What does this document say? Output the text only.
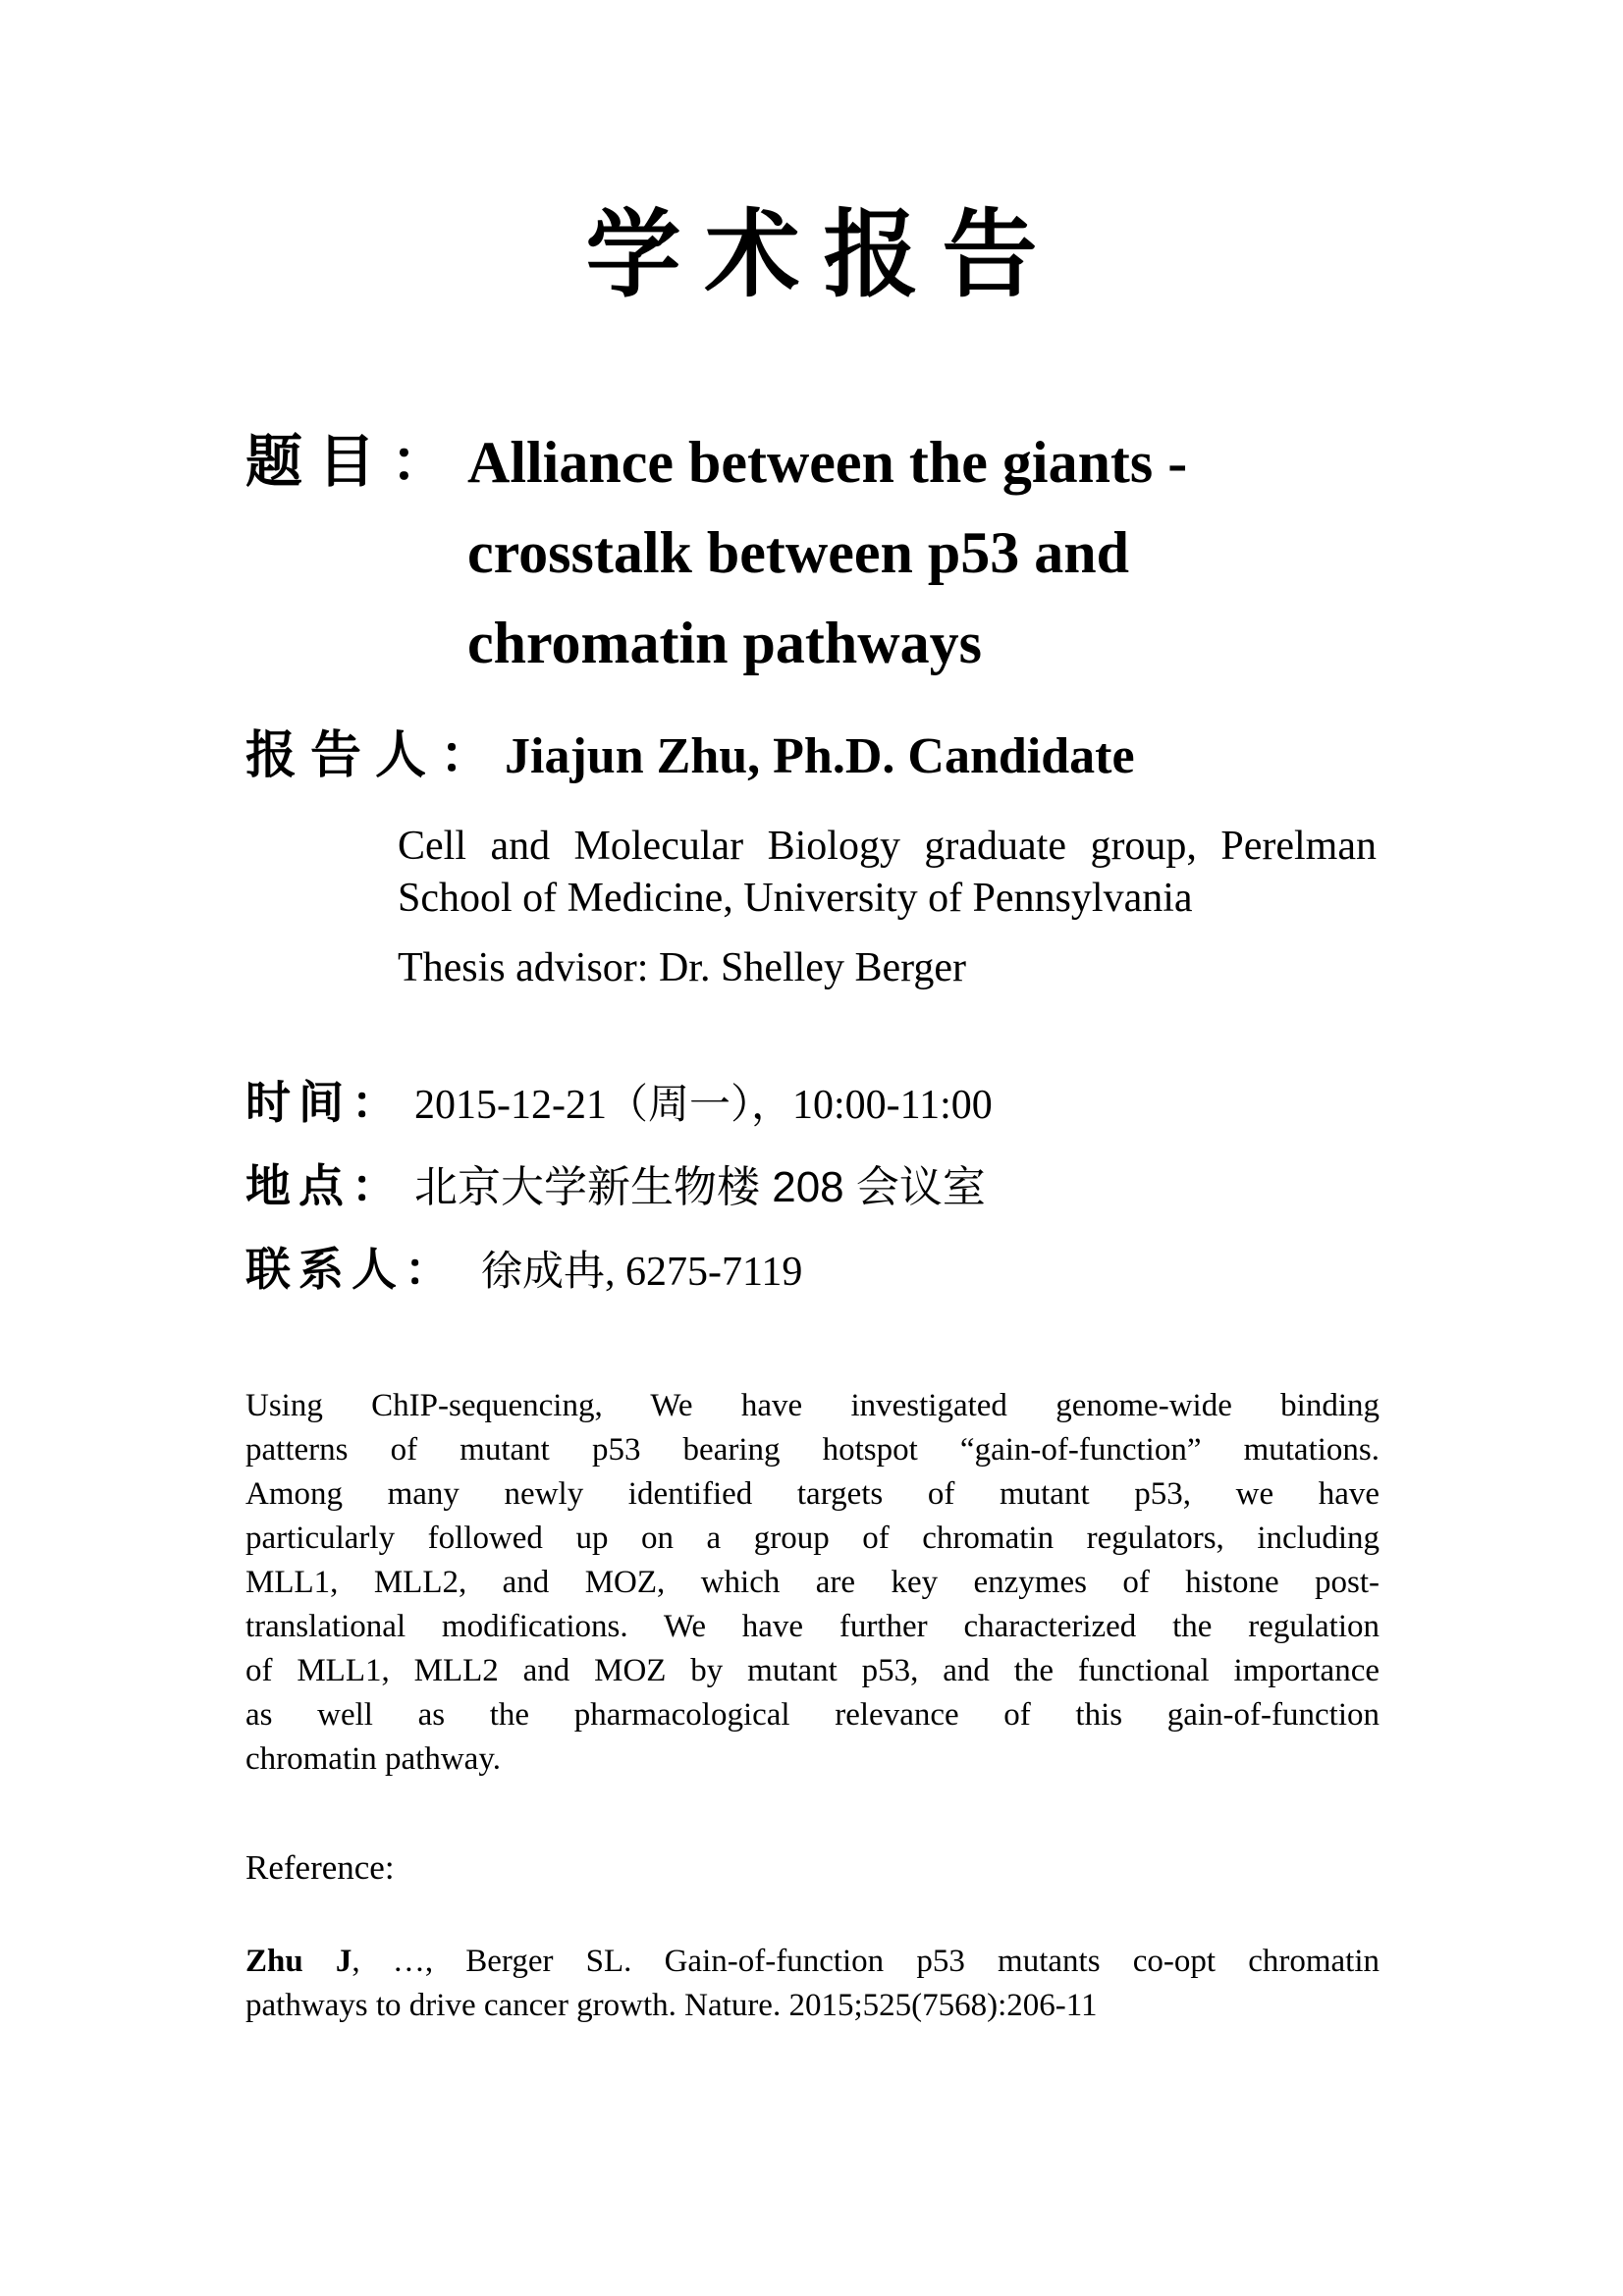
学术报告
题目： Alliance between the giants -
crosstalk between p53 and
chromatin pathways
报告人： Jiajun Zhu, Ph.D. Candidate
Cell and Molecular Biology graduate group, Perelman
School of Medicine, University of Pennsylvania
Thesis advisor: Dr. Shelley Berger
时间： 2015-12-21（周一），10:00-11:00
地点： 北京大学新生物楼 208 会议室
联系人： 徐成冉, 6275-7119
Using ChIP-sequencing, We have investigated genome-wide binding
patterns of mutant p53 bearing hotspot “gain-of-function” mutations.
Among many newly identified targets of mutant p53, we have
particularly followed up on a group of chromatin regulators, including
MLL1, MLL2, and MOZ, which are key enzymes of histone post-
translational modifications. We have further characterized the regulation
of MLL1, MLL2 and MOZ by mutant p53, and the functional importance
as well as the pharmacological relevance of this gain-of-function
chromatin pathway.
Reference:
Zhu J, …, Berger SL. Gain-of-function p53 mutants co-opt chromatin
pathways to drive cancer growth. Nature. 2015;525(7568):206-11
